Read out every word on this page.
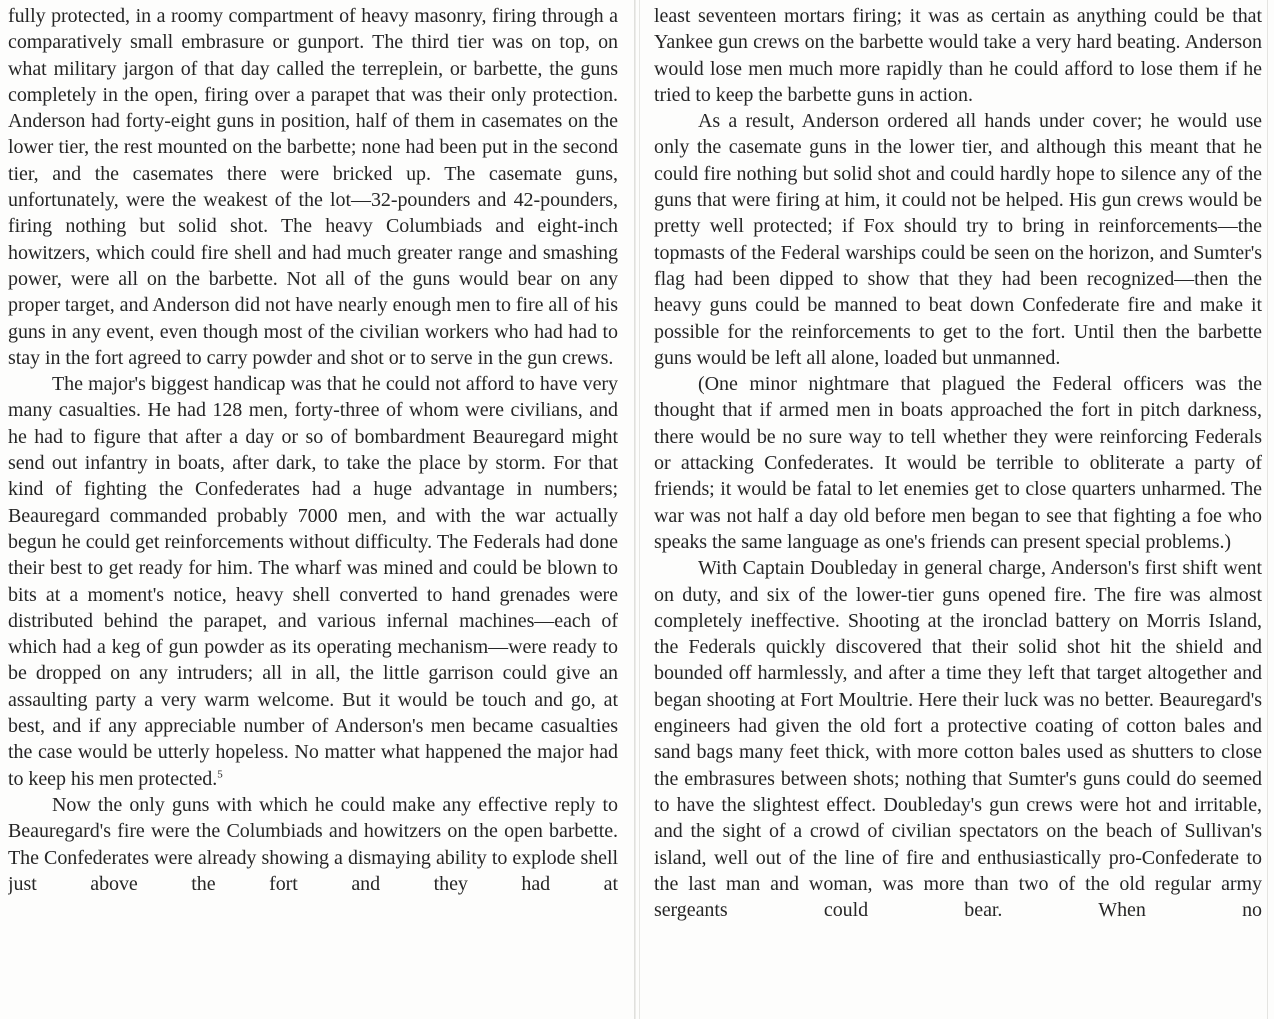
fully protected, in a roomy compartment of heavy masonry, firing through a comparatively small embrasure or gunport. The third tier was on top, on what military jargon of that day called the terreplein, or barbette, the guns completely in the open, firing over a parapet that was their only protection. Anderson had forty-eight guns in position, half of them in casemates on the lower tier, the rest mounted on the barbette; none had been put in the second tier, and the casemates there were bricked up. The casemate guns, unfortunately, were the weakest of the lot—32-pounders and 42-pounders, firing nothing but solid shot. The heavy Columbiads and eight-inch howitzers, which could fire shell and had much greater range and smashing power, were all on the barbette. Not all of the guns would bear on any proper target, and Anderson did not have nearly enough men to fire all of his guns in any event, even though most of the civilian workers who had had to stay in the fort agreed to carry powder and shot or to serve in the gun crews.

The major's biggest handicap was that he could not afford to have very many casualties. He had 128 men, forty-three of whom were civilians, and he had to figure that after a day or so of bombardment Beauregard might send out infantry in boats, after dark, to take the place by storm. For that kind of fighting the Confederates had a huge advantage in numbers; Beauregard commanded probably 7000 men, and with the war actually begun he could get reinforcements without difficulty. The Federals had done their best to get ready for him. The wharf was mined and could be blown to bits at a moment's notice, heavy shell converted to hand grenades were distributed behind the parapet, and various infernal machines—each of which had a keg of gun powder as its operating mechanism—were ready to be dropped on any intruders; all in all, the little garrison could give an assaulting party a very warm welcome. But it would be touch and go, at best, and if any appreciable number of Anderson's men became casualties the case would be utterly hopeless. No matter what happened the major had to keep his men protected.$^5$

Now the only guns with which he could make any effective reply to Beauregard's fire were the Columbiads and howitzers on the open barbette. The Confederates were already showing a dismaying ability to explode shell just above the fort and they had at

least seventeen mortars firing; it was as certain as anything could be that Yankee gun crews on the barbette would take a very hard beating. Anderson would lose men much more rapidly than he could afford to lose them if he tried to keep the barbette guns in action.

As a result, Anderson ordered all hands under cover; he would use only the casemate guns in the lower tier, and although this meant that he could fire nothing but solid shot and could hardly hope to silence any of the guns that were firing at him, it could not be helped. His gun crews would be pretty well protected; if Fox should try to bring in reinforcements—the topmasts of the Federal warships could be seen on the horizon, and Sumter's flag had been dipped to show that they had been recognized—then the heavy guns could be manned to beat down Confederate fire and make it possible for the reinforcements to get to the fort. Until then the barbette guns would be left all alone, loaded but unmanned.

(One minor nightmare that plagued the Federal officers was the thought that if armed men in boats approached the fort in pitch darkness, there would be no sure way to tell whether they were reinforcing Federals or attacking Confederates. It would be terrible to obliterate a party of friends; it would be fatal to let enemies get to close quarters unharmed. The war was not half a day old before men began to see that fighting a foe who speaks the same language as one's friends can present special problems.)

With Captain Doubleday in general charge, Anderson's first shift went on duty, and six of the lower-tier guns opened fire. The fire was almost completely ineffective. Shooting at the ironclad battery on Morris Island, the Federals quickly discovered that their solid shot hit the shield and bounded off harmlessly, and after a time they left that target altogether and began shooting at Fort Moultrie. Here their luck was no better. Beauregard's engineers had given the old fort a protective coating of cotton bales and sand bags many feet thick, with more cotton bales used as shutters to close the embrasures between shots; nothing that Sumter's guns could do seemed to have the slightest effect. Doubleday's gun crews were hot and irritable, and the sight of a crowd of civilian spectators on the beach of Sullivan's island, well out of the line of fire and enthusiastically pro-Confederate to the last man and woman, was more than two of the old regular army sergeants could bear. When no
